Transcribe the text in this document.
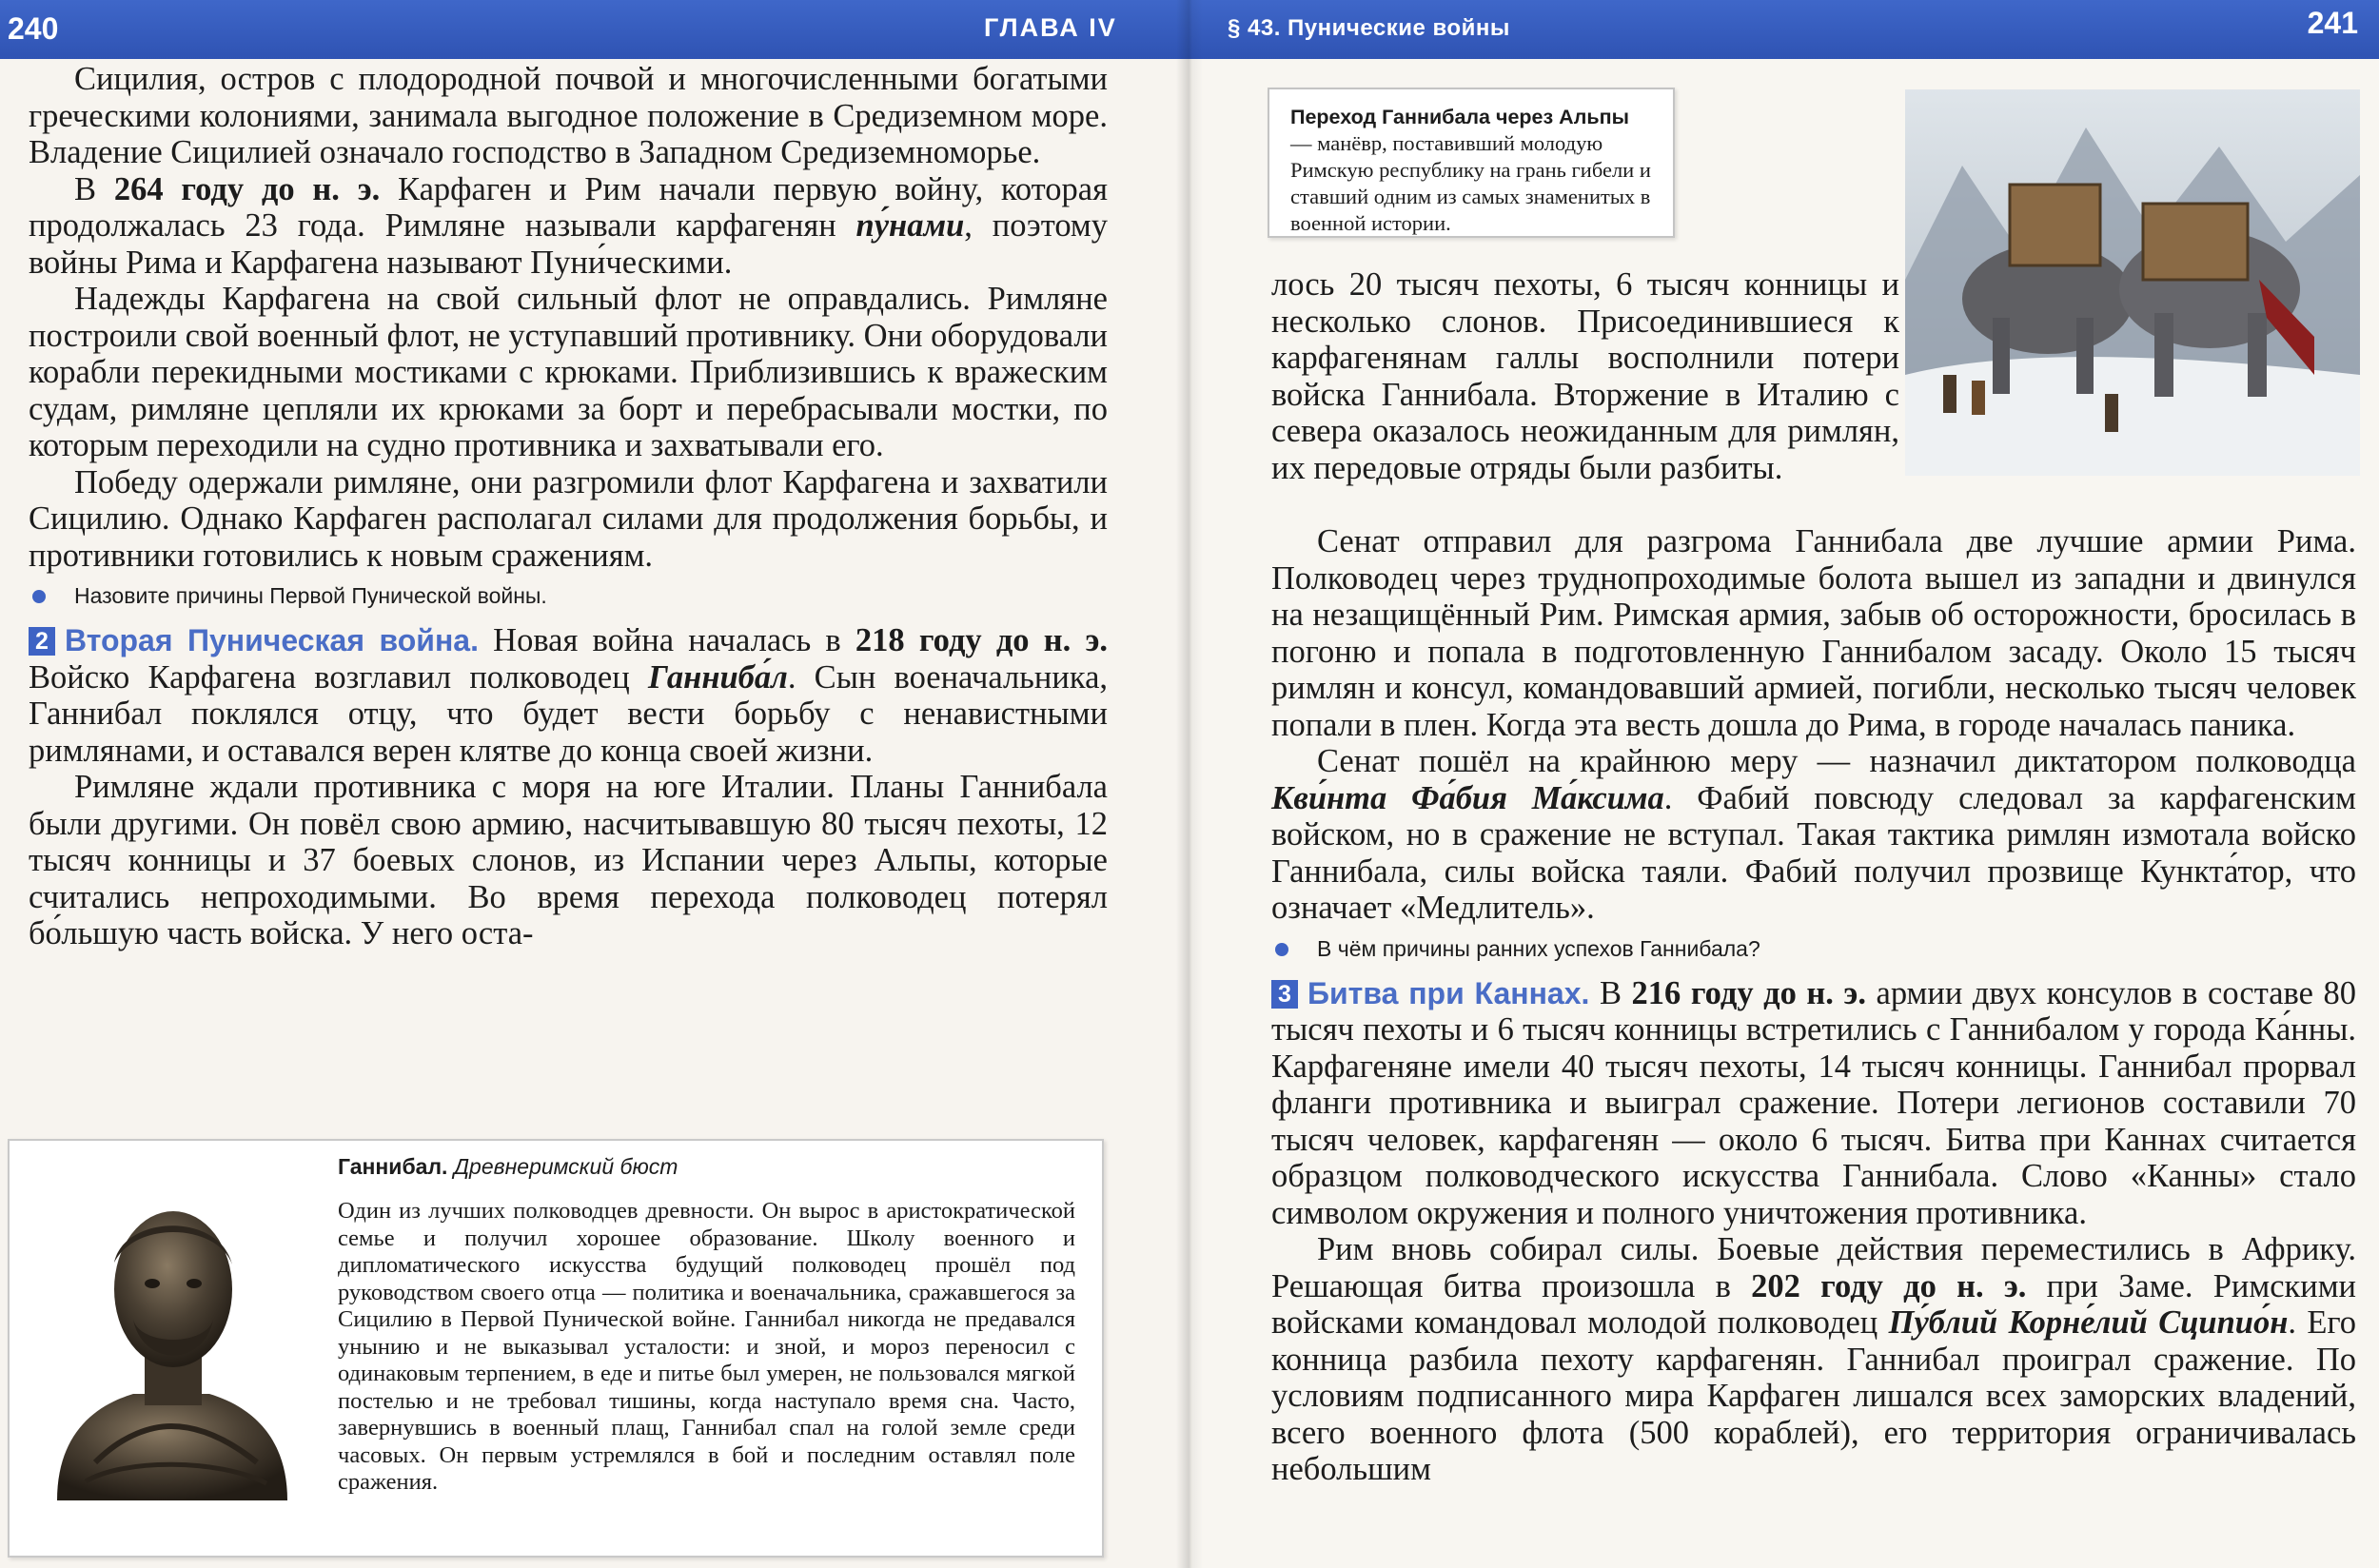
240	ГЛАВА IV

Сицилия, остров с плодородной почвой и многочисленными богатыми греческими колониями, занимала выгодное положение в Средиземном море. Владение Сицилией означало господство в Западном Средиземноморье.

В 264 году до н. э. Карфаген и Рим начали первую войну, которая продолжалась 23 года. Римляне называли карфагенян пу́нами, поэтому войны Рима и Карфагена называют Пуни́ческими.

Надежды Карфагена на свой сильный флот не оправдались. Римляне построили свой военный флот, не уступавший противнику. Они оборудовали корабли перекидными мостиками с крюками. Приблизившись к вражеским судам, римляне цепляли их крюками за борт и перебрасывали мостки, по которым переходили на судно противника и захватывали его.

Победу одержали римляне, они разгромили флот Карфагена и захватили Сицилию. Однако Карфаген располагал силами для продолжения борьбы, и противники готовились к новым сражениям.

Назовите причины Первой Пунической войны.

2 Вторая Пуническая война. Новая война началась в 218 году до н. э. Войско Карфагена возглавил полководец Ганниба́л. Сын военачальника, Ганнибал поклялся отцу, что будет вести борьбу с ненавистными римлянами, и оставался верен клятве до конца своей жизни.

Римляне ждали противника с моря на юге Италии. Планы Ганнибала были другими. Он повёл свою армию, насчитывавшую 80 тысяч пехоты, 12 тысяч конницы и 37 боевых слонов, из Испании через Альпы, которые считались непроходимыми. Во время перехода полководец потерял бо́льшую часть войска. У него оста-

Ганнибал. Древнеримский бюст
Один из лучших полководцев древности. Он вырос в аристократической семье и получил хорошее образование. Школу военного и дипломатического искусства будущий полководец прошёл под руководством своего отца — политика и военачальника, сражавшегося за Сицилию в Первой Пунической войне. Ганнибал никогда не предавался унынию и не выказывал усталости: и зной, и мороз переносил с одинаковым терпением, в еде и питье был умерен, не пользовался мягкой постелью и не требовал тишины, когда наступало время сна. Часто, завернувшись в военный плащ, Ганнибал спал на голой земле среди часовых. Он первым устремлялся в бой и последним оставлял поле сражения.
§ 43. Пунические войны	241
Переход Ганнибала через Альпы — манёвр, поставивший молодую Римскую республику на грань гибели и ставший одним из самых знаменитых в военной истории.

лось 20 тысяч пехоты, 6 тысяч конницы и несколько слонов. Присоединившиеся к карфагенянам галлы восполнили потери войска Ганнибала. Вторжение в Италию с севера оказалось неожиданным для римлян, их передовые отряды были разбиты.

Сенат отправил для разгрома Ганнибала две лучшие армии Рима. Полководец через труднопроходимые болота вышел из западни и двинулся на незащищённый Рим. Римская армия, забыв об осторожности, бросилась в погоню и попала в подготовленную Ганнибалом засаду. Около 15 тысяч римлян и консул, командовавший армией, погибли, несколько тысяч человек попали в плен. Когда эта весть дошла до Рима, в городе началась паника.

Сенат пошёл на крайнюю меру — назначил диктатором полководца Кви́нта Фа́бия Ма́ксима. Фабий повсюду следовал за карфагенским войском, но в сражение не вступал. Такая тактика римлян измотала войско Ганнибала, силы войска таяли. Фабий получил прозвище Кункта́тор, что означает «Медлитель».

В чём причины ранних успехов Ганнибала?

3 Битва при Каннах. В 216 году до н. э. армии двух консулов в составе 80 тысяч пехоты и 6 тысяч конницы встретились с Ганнибалом у города Ка́нны. Карфагеняне имели 40 тысяч пехоты, 14 тысяч конницы. Ганнибал прорвал фланги противника и выиграл сражение. Потери легионов составили 70 тысяч человек, карфагенян — около 6 тысяч. Битва при Каннах считается образцом полководческого искусства Ганнибала. Слово «Канны» стало символом окружения и полного уничтожения противника.

Рим вновь собирал силы. Боевые действия переместились в Африку. Решающая битва произошла в 202 году до н. э. при Заме. Римскими войсками командовал молодой полководец Пу́блий Корне́лий Сципио́н. Его конница разбила пехоту карфагенян. Ганнибал проиграл сражение. По условиям подписанного мира Карфаген лишался всех заморских владений, всего военного флота (500 кораблей), его территория ограничивалась небольшим
